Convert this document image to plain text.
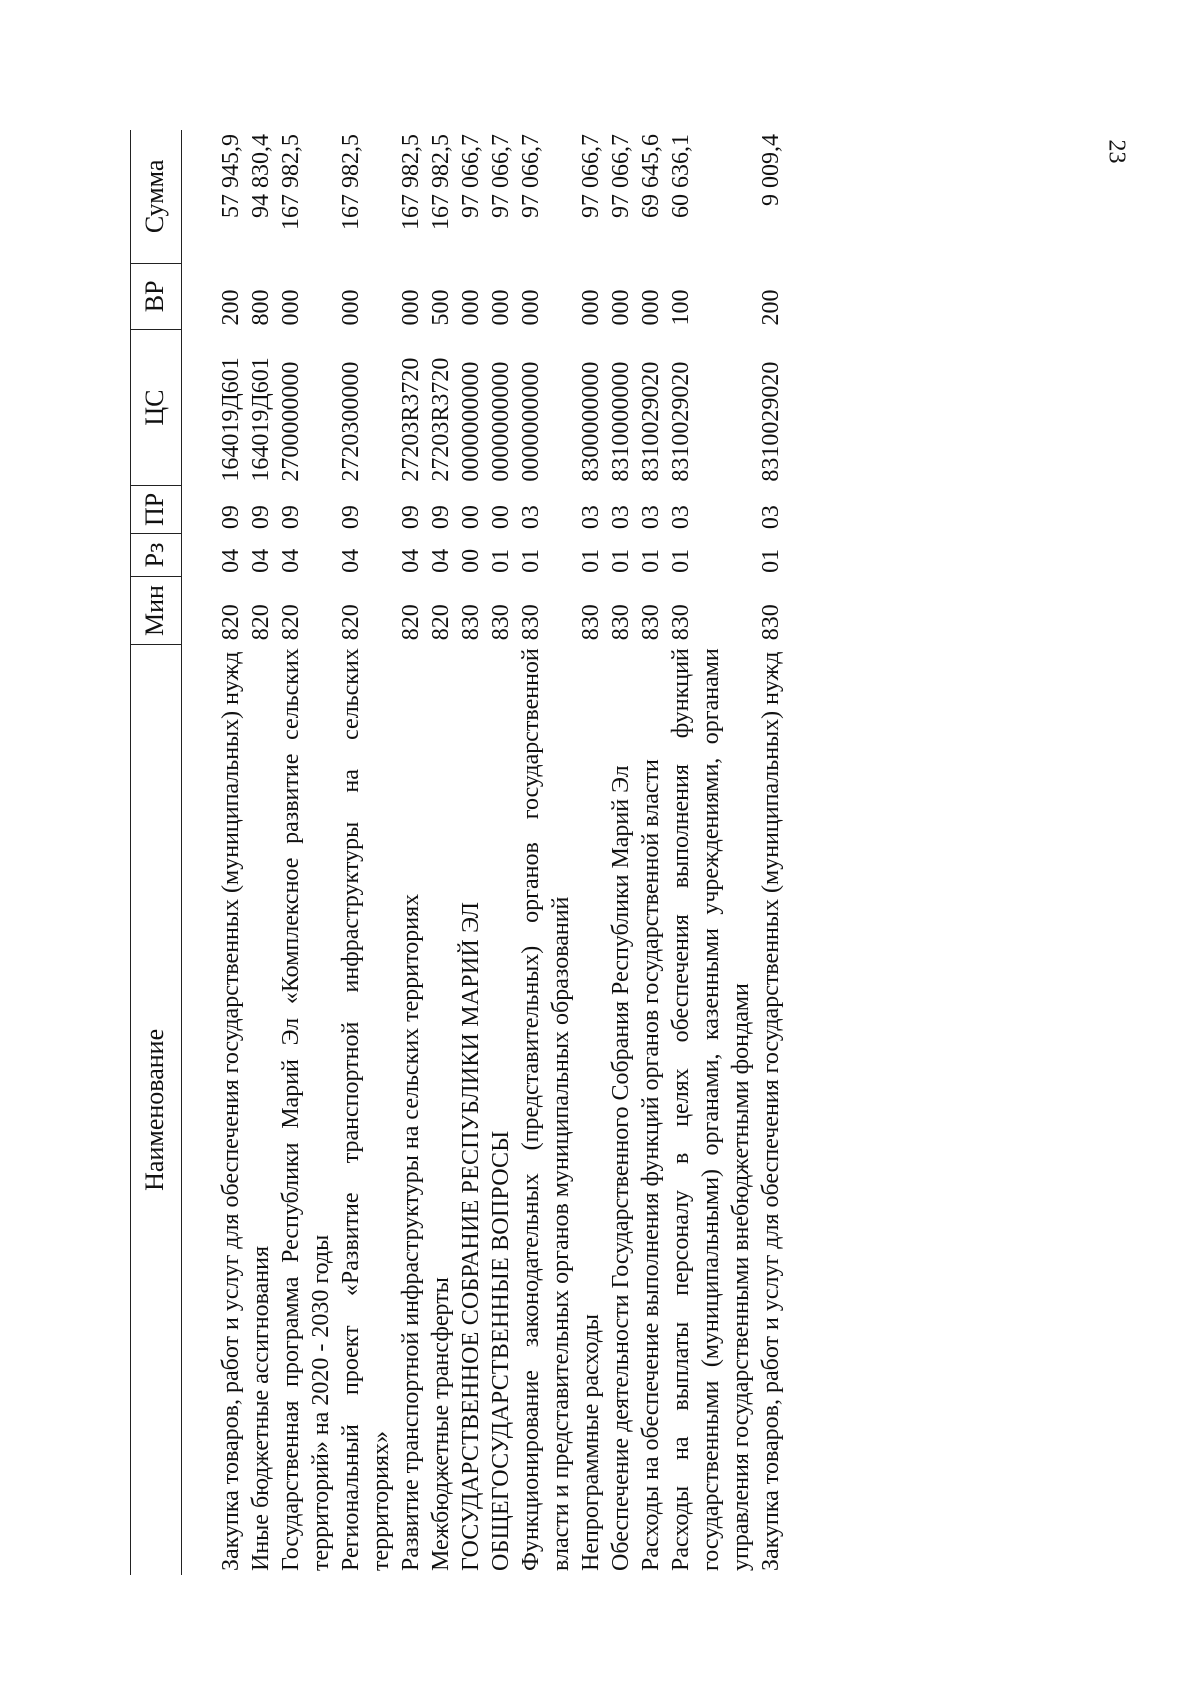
23
Наименование	Мин	Рз	ПР	ЦС	ВР	Сумма
Закупка товаров, работ и услуг для обеспечения государственных (муниципальных) нужд	820	04	09	164019Д601	200	57 945,9
Иные бюджетные ассигнования	820	04	09	164019Д601	800	94 830,4
Государственная программа Республики Марий Эл «Комплексное развитие сельских территорий» на 2020 - 2030 годы	820	04	09	2700000000	000	167 982,5
Региональный проект «Развитие транспортной инфраструктуры на сельских территориях»	820	04	09	2720300000	000	167 982,5
Развитие транспортной инфраструктуры на сельских территориях	820	04	09	27203R3720	000	167 982,5
Межбюджетные трансферты	820	04	09	27203R3720	500	167 982,5
ГОСУДАРСТВЕННОЕ СОБРАНИЕ РЕСПУБЛИКИ МАРИЙ ЭЛ	830	00	00	0000000000	000	97 066,7
ОБЩЕГОСУДАРСТВЕННЫЕ ВОПРОСЫ	830	01	00	0000000000	000	97 066,7
Функционирование законодательных (представительных) органов государственной власти и представительных органов муниципальных образований	830	01	03	0000000000	000	97 066,7
Непрограммные расходы	830	01	03	8300000000	000	97 066,7
Обеспечение деятельности Государственного Собрания Республики Марий Эл	830	01	03	8310000000	000	97 066,7
Расходы на обеспечение выполнения функций органов государственной власти	830	01	03	8310029020	000	69 645,6
Расходы на выплаты персоналу в целях обеспечения выполнения функций государственными (муниципальными) органами, казенными учреждениями, органами управления государственными внебюджетными фондами	830	01	03	8310029020	100	60 636,1
Закупка товаров, работ и услуг для обеспечения государственных (муниципальных) нужд	830	01	03	8310029020	200	9 009,4
